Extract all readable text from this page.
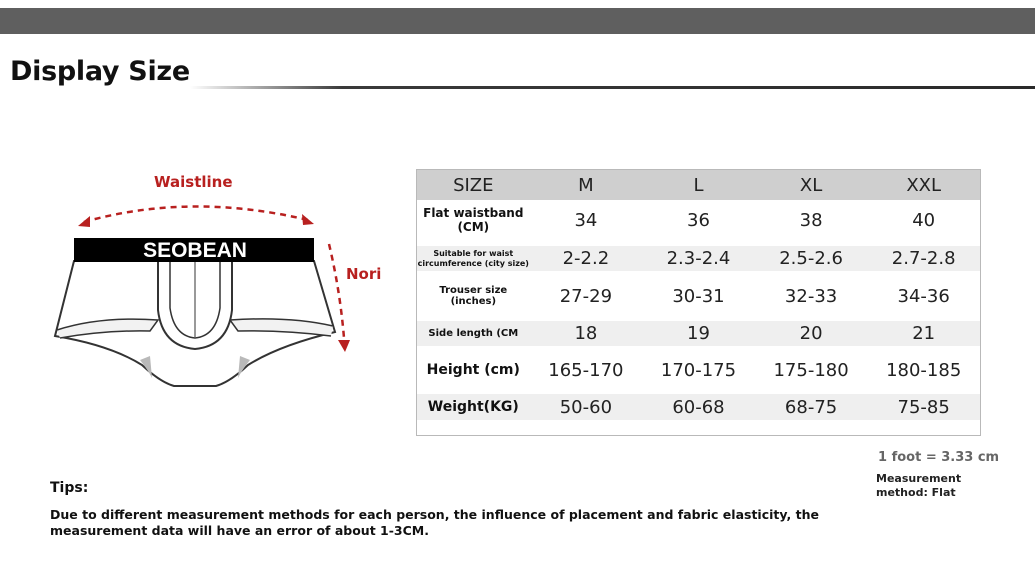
Display Size
SEOBEAN
Waistline
Nori
SIZE	M	L	XL	XXL
Flat waistband (CM)	34	36	38	40
Suitable for waist circumference (city size)	2-2.2	2.3-2.4	2.5-2.6	2.7-2.8
Trouser size (inches)	27-29	30-31	32-33	34-36
Side length (CM	18	19	20	21
Height (cm)	165-170	170-175	175-180	180-185
Weight(KG)	50-60	60-68	68-75	75-85
1 foot = 3.33 cm
Measurement method: Flat
Tips:
Due to different measurement methods for each person, the influence of placement and fabric elasticity, the measurement data will have an error of about 1-3CM.
